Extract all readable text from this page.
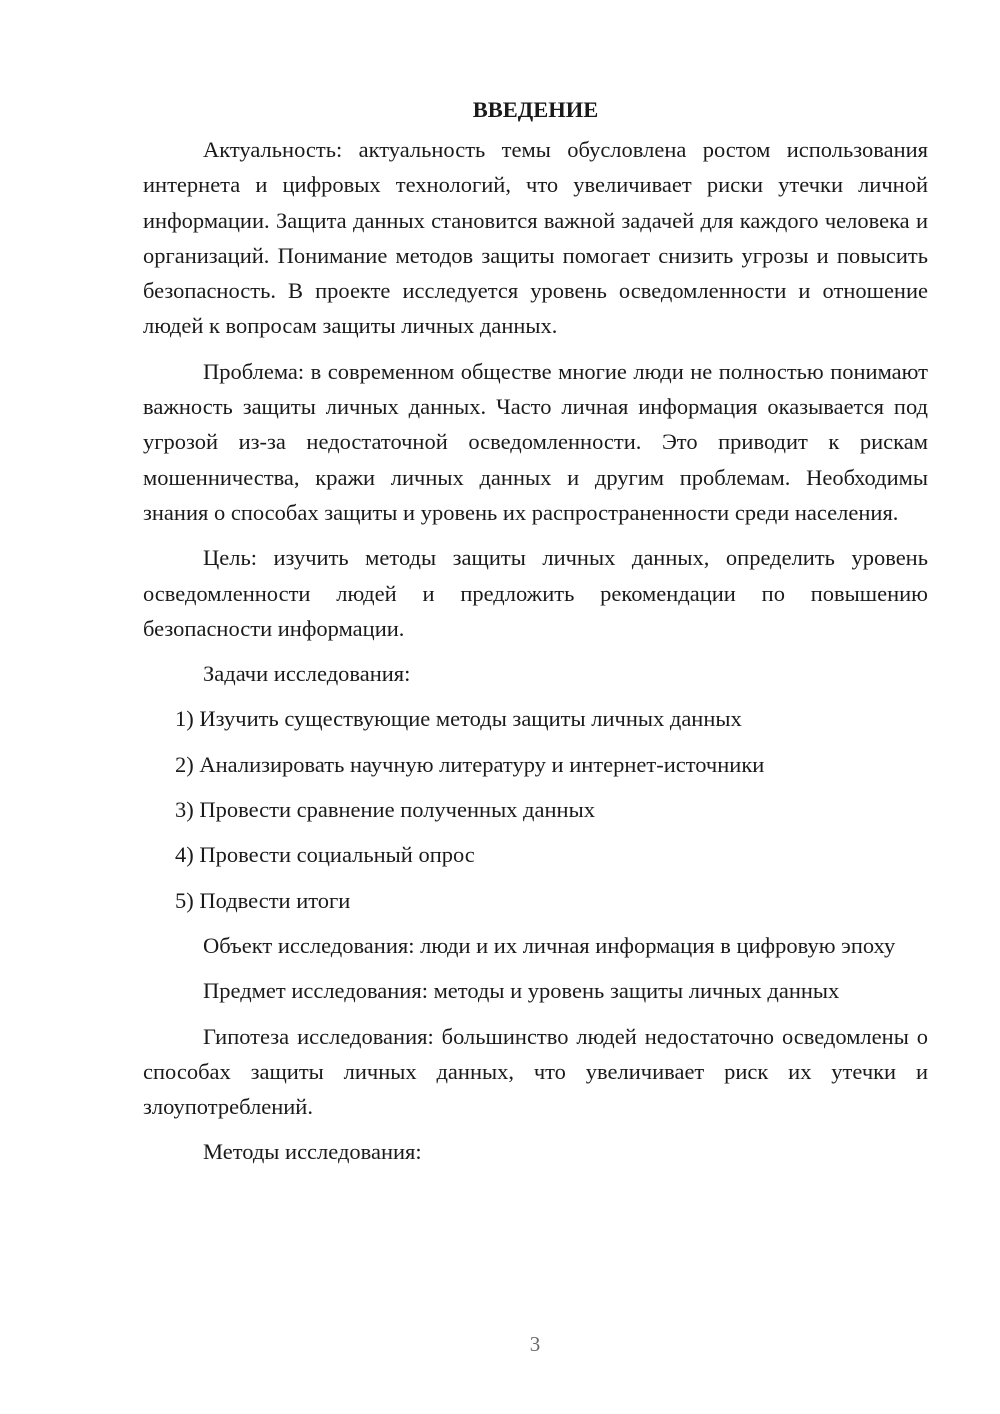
ВВЕДЕНИЕ

Актуальность: актуальность темы обусловлена ростом использования интернета и цифровых технологий, что увеличивает риски утечки личной информации. Защита данных становится важной задачей для каждого человека и организаций. Понимание методов защиты помогает снизить угрозы и повысить безопасность. В проекте исследуется уровень осведомленности и отношение людей к вопросам защиты личных данных.

Проблема: в современном обществе многие люди не полностью понимают важность защиты личных данных. Часто личная информация оказывается под угрозой из-за недостаточной осведомленности. Это приводит к рискам мошенничества, кражи личных данных и другим проблемам. Необходимы знания о способах защиты и уровень их распространенности среди населения.

Цель: изучить методы защиты личных данных, определить уровень осведомленности людей и предложить рекомендации по повышению безопасности информации.

Задачи исследования:

1) Изучить существующие методы защиты личных данных
2) Анализировать научную литературу и интернет-источники
3) Провести сравнение полученных данных
4) Провести социальный опрос
5) Подвести итоги

Объект исследования: люди и их личная информация в цифровую эпоху

Предмет исследования: методы и уровень защиты личных данных

Гипотеза исследования: большинство людей недостаточно осведомлены о способах защиты личных данных, что увеличивает риск их утечки и злоупотреблений.

Методы исследования:

3
